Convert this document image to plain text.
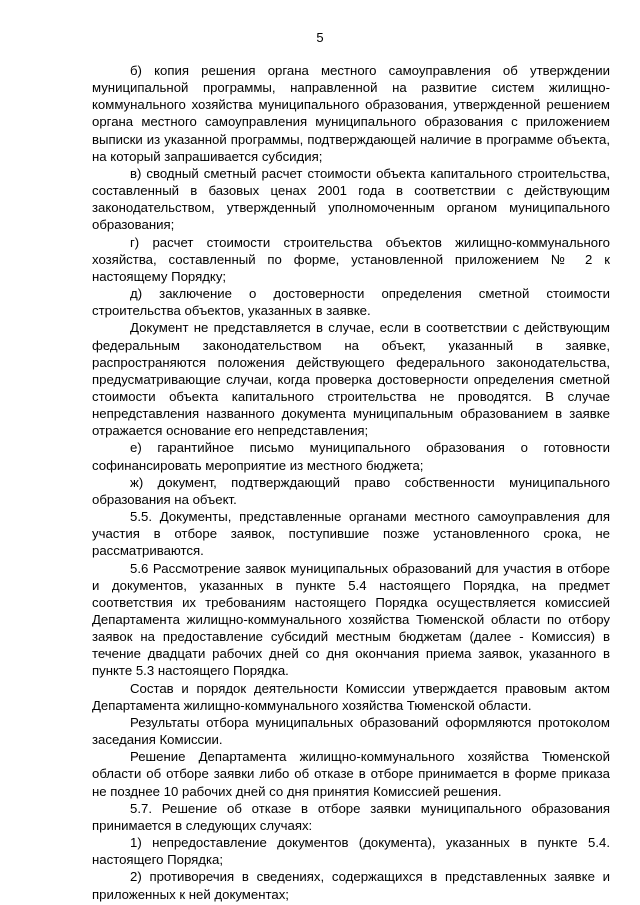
5

б) копия решения органа местного самоуправления об утверждении муниципальной программы, направленной на развитие систем жилищно-коммунального хозяйства муниципального образования, утвержденной решением органа местного самоуправления муниципального образования с приложением выписки из указанной программы, подтверждающей наличие в программе объекта, на который запрашивается субсидия;

в) сводный сметный расчет стоимости объекта капитального строительства, составленный в базовых ценах 2001 года в соответствии с действующим законодательством, утвержденный уполномоченным органом муниципального образования;

г) расчет стоимости строительства объектов жилищно-коммунального хозяйства, составленный по форме, установленной приложением № 2 к настоящему Порядку;

д) заключение о достоверности определения сметной стоимости строительства объектов, указанных в заявке.

Документ не представляется в случае, если в соответствии с действующим федеральным законодательством на объект, указанный в заявке, распространяются положения действующего федерального законодательства, предусматривающие случаи, когда проверка достоверности определения сметной стоимости объекта капитального строительства не проводятся. В случае непредставления названного документа муниципальным образованием в заявке отражается основание его непредставления;

е) гарантийное письмо муниципального образования о готовности софинансировать мероприятие из местного бюджета;

ж) документ, подтверждающий право собственности муниципального образования на объект.

5.5. Документы, представленные органами местного самоуправления для участия в отборе заявок, поступившие позже установленного срока, не рассматриваются.

5.6 Рассмотрение заявок муниципальных образований для участия в отборе и документов, указанных в пункте 5.4 настоящего Порядка, на предмет соответствия их требованиям настоящего Порядка осуществляется комиссией Департамента жилищно-коммунального хозяйства Тюменской области по отбору заявок на предоставление субсидий местным бюджетам (далее - Комиссия) в течение двадцати рабочих дней со дня окончания приема заявок, указанного в пункте 5.3 настоящего Порядка.

Состав и порядок деятельности Комиссии утверждается правовым актом Департамента жилищно-коммунального хозяйства Тюменской области.

Результаты отбора муниципальных образований оформляются протоколом заседания Комиссии.

Решение Департамента жилищно-коммунального хозяйства Тюменской области об отборе заявки либо об отказе в отборе принимается в форме приказа не позднее 10 рабочих дней со дня принятия Комиссией решения.

5.7. Решение об отказе в отборе заявки муниципального образования принимается в следующих случаях:

1) непредоставление документов (документа), указанных в пункте 5.4. настоящего Порядка;

2) противоречия в сведениях, содержащихся в представленных заявке и приложенных к ней документах;
